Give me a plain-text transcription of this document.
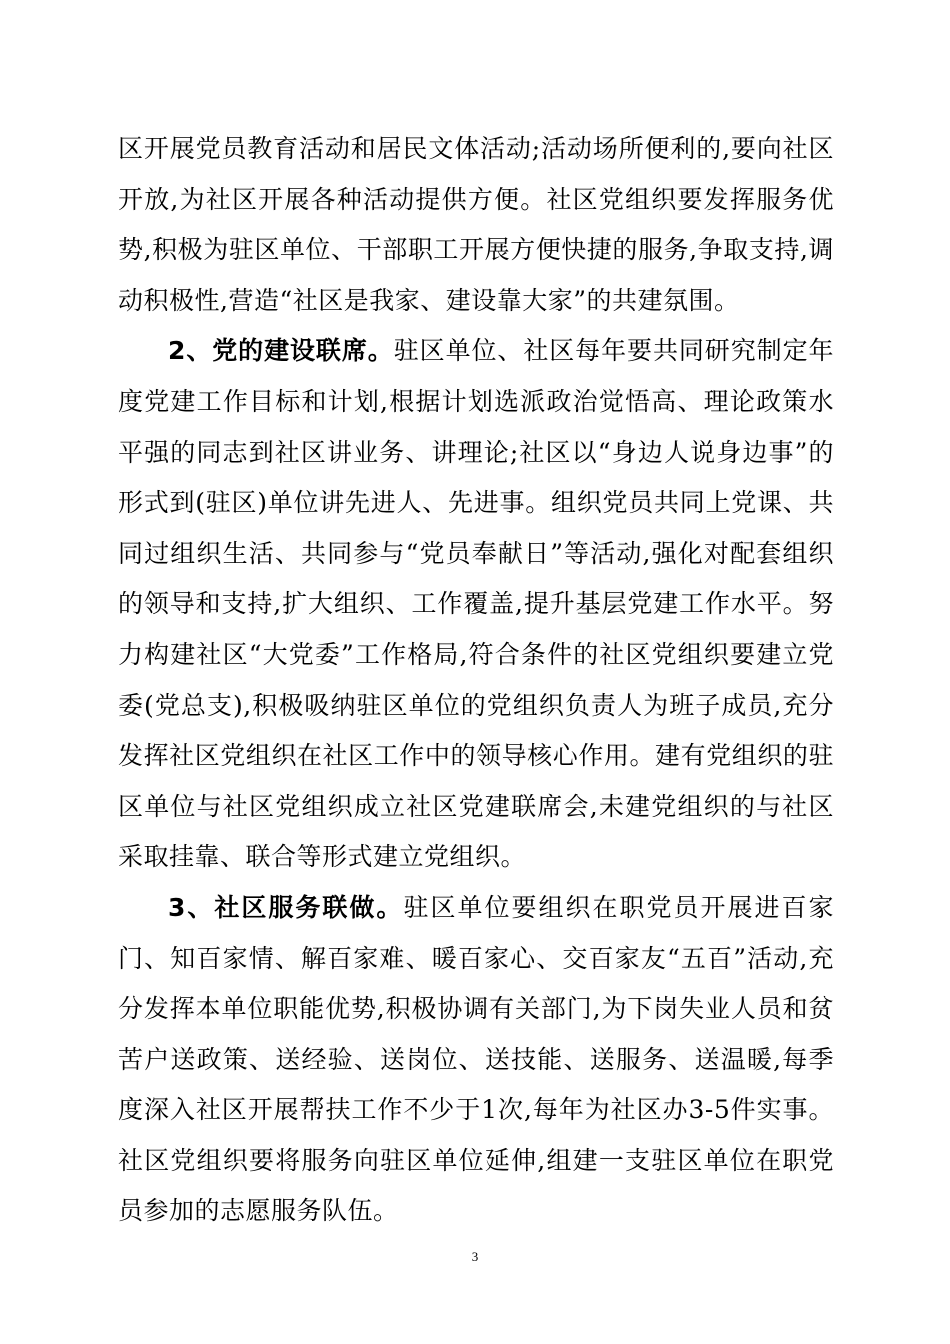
区开展党员教育活动和居民文体活动;活动场所便利的,要向社区开放,为社区开展各种活动提供方便。社区党组织要发挥服务优势,积极为驻区单位、干部职工开展方便快捷的服务,争取支持,调动积极性,营造“社区是我家、建设靠大家”的共建氛围。

2、党的建设联席。驻区单位、社区每年要共同研究制定年度党建工作目标和计划,根据计划选派政治觉悟高、理论政策水平强的同志到社区讲业务、讲理论;社区以“身边人说身边事”的形式到(驻区)单位讲先进人、先进事。组织党员共同上党课、共同过组织生活、共同参与“党员奉献日”等活动,强化对配套组织的领导和支持,扩大组织、工作覆盖,提升基层党建工作水平。努力构建社区“大党委”工作格局,符合条件的社区党组织要建立党委(党总支),积极吸纳驻区单位的党组织负责人为班子成员,充分发挥社区党组织在社区工作中的领导核心作用。建有党组织的驻区单位与社区党组织成立社区党建联席会,未建党组织的与社区采取挂靠、联合等形式建立党组织。

3、社区服务联做。驻区单位要组织在职党员开展进百家门、知百家情、解百家难、暖百家心、交百家友“五百”活动,充分发挥本单位职能优势,积极协调有关部门,为下岗失业人员和贫苦户送政策、送经验、送岗位、送技能、送服务、送温暖,每季度深入社区开展帮扶工作不少于1次,每年为社区办3-5件实事。社区党组织要将服务向驻区单位延伸,组建一支驻区单位在职党员参加的志愿服务队伍。

3
